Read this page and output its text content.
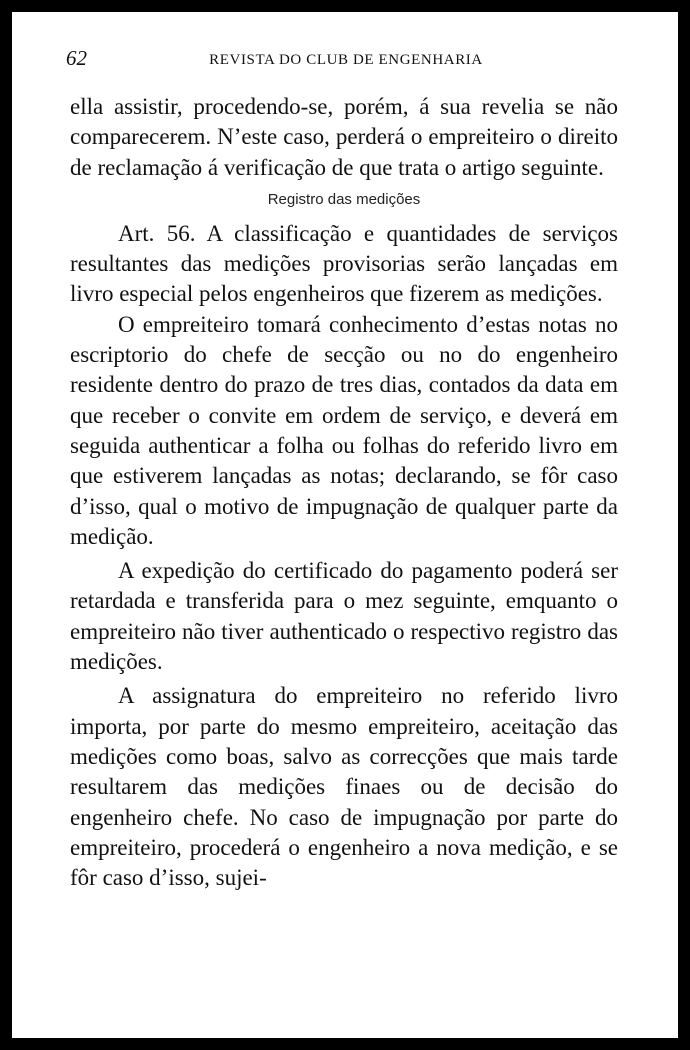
62	REVISTA DO CLUB DE ENGENHARIA

ella assistir, procedendo-se, porém, á sua revelia se não comparecerem. N’este caso, perderá o empreiteiro o direito de reclamação á verificação de que trata o artigo seguinte.

Registro das medições

Art. 56. A classificação e quantidades de serviços resultantes das medições provisorias serão lançadas em livro especial pelos engenheiros que fizerem as medições.

O empreiteiro tomará conhecimento d’estas notas no escriptorio do chefe de secção ou no do engenheiro residente dentro do prazo de tres dias, contados da data em que receber o convite em ordem de serviço, e deverá em seguida authenticar a folha ou folhas do referido livro em que estiverem lançadas as notas; declarando, se fôr caso d’isso, qual o motivo de impugnação de qualquer parte da medição.

A expedição do certificado do pagamento poderá ser retardada e transferida para o mez seguinte, emquanto o empreiteiro não tiver authenticado o respectivo registro das medições.

A assignatura do empreiteiro no referido livro importa, por parte do mesmo empreiteiro, aceitação das medições como boas, salvo as correcções que mais tarde resultarem das medições finaes ou de decisão do engenheiro chefe. No caso de impugnação por parte do empreiteiro, procederá o engenheiro a nova medição, e se fôr caso d’isso, sujei-
